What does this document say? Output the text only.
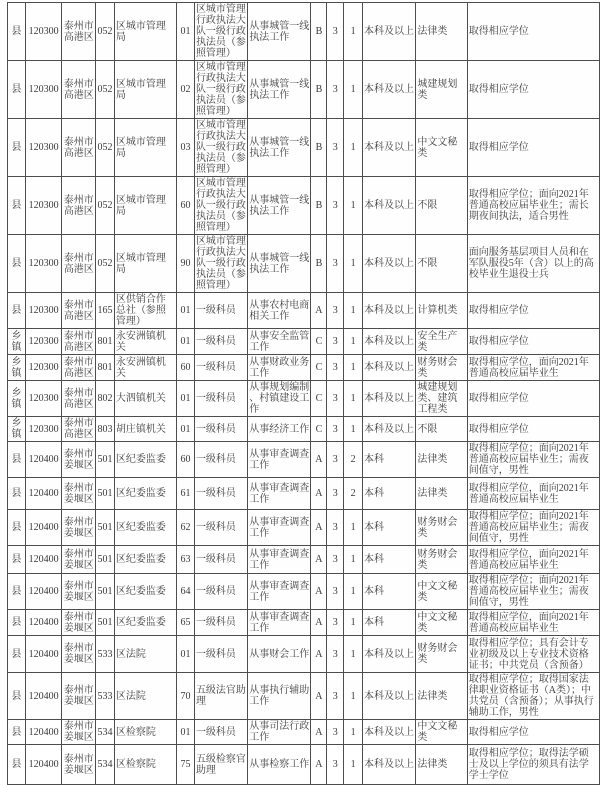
县	120300	泰州市高港区	052	区城市管理局	01	区城市管理行政执法大队一级行政执法员（参照管理）	从事城管一线执法工作	B	3	1	本科及以上	法律类	取得相应学位
县	120300	泰州市高港区	052	区城市管理局	02	区城市管理行政执法大队一级行政执法员（参照管理）	从事城管一线执法工作	B	3	1	本科及以上	城建规划类	取得相应学位
县	120300	泰州市高港区	052	区城市管理局	03	区城市管理行政执法大队一级行政执法员（参照管理）	从事城管一线执法工作	B	3	1	本科及以上	中文文秘类	取得相应学位
县	120300	泰州市高港区	052	区城市管理局	60	区城市管理行政执法大队一级行政执法员（参照管理）	从事城管一线执法工作	B	3	1	本科及以上	不限	取得相应学位；面向2021年普通高校应届毕业生；需长期夜间执法，适合男性
县	120300	泰州市高港区	052	区城市管理局	90	区城市管理行政执法大队一级行政执法员（参照管理）	从事城管一线执法工作	B	3	1	本科及以上	不限	面向服务基层项目人员和在军队服役5年（含）以上的高校毕业生退役士兵
县	120300	泰州市高港区	165	区供销合作总社（参照管理）	01	一级科员	从事农村电商相关工作	A	3	1	本科及以上	计算机类	取得相应学位
乡镇	120300	泰州市高港区	801	永安洲镇机关	01	一级科员	从事安全监管工作	C	3	1	本科及以上	安全生产类	取得相应学位
乡镇	120300	泰州市高港区	801	永安洲镇机关	60	一级科员	从事财政业务工作	C	3	1	本科及以上	财务财会类	取得相应学位，面向2021年普通高校应届毕业生
乡镇	120300	泰州市高港区	802	大泗镇机关	01	一级科员	从事规划编制、村镇建设工作	C	3	1	本科及以上	城建规划类、建筑工程类	取得相应学位
乡镇	120300	泰州市高港区	803	胡庄镇机关	01	一级科员	从事经济工作	C	3	1	本科及以上	不限	取得相应学位
县	120400	泰州市姜堰区	501	区纪委监委	60	一级科员	从事审查调查工作	A	3	2	本科	法律类	取得相应学位；面向2021年普通高校应届毕业生；需夜间值守，男性
县	120400	泰州市姜堰区	501	区纪委监委	61	一级科员	从事审查调查工作	A	3	2	本科	法律类	取得相应学位，面向2021年普通高校应届毕业生
县	120400	泰州市姜堰区	501	区纪委监委	62	一级科员	从事审查调查工作	A	3	1	本科	财务财会类	取得相应学位；面向2021年普通高校应届毕业生；需夜间值守，男性
县	120400	泰州市姜堰区	501	区纪委监委	63	一级科员	从事审查调查工作	A	3	1	本科	财务财会类	取得相应学位，面向2021年普通高校应届毕业生
县	120400	泰州市姜堰区	501	区纪委监委	64	一级科员	从事审查调查工作	A	3	1	本科	中文文秘类	取得相应学位；面向2021年普通高校应届毕业生；需夜间值守，男性
县	120400	泰州市姜堰区	501	区纪委监委	65	一级科员	从事审查调查工作	A	3	1	本科	中文文秘类	取得相应学位，面向2021年普通高校应届毕业生
县	120400	泰州市姜堰区	533	区法院	01	一级科员	从事财会工作	A	3	1	本科及以上	财务财会类	取得相应学位；具有会计专业初级及以上专业技术资格证书；中共党员（含预备）
县	120400	泰州市姜堰区	533	区法院	70	五级法官助理	从事执行辅助工作	A	3	1	本科及以上	法律类	取得相应学位；取得国家法律职业资格证书（A类）；中共党员（含预备）；从事执行辅助工作，男性
县	120400	泰州市姜堰区	534	区检察院	01	一级科员	从事司法行政工作	A	3	1	本科及以上	中文文秘类	取得相应学位
县	120400	泰州市姜堰区	534	区检察院	75	五级检察官助理	从事检察工作	A	3	1	本科及以上	法律类	取得相应学位；取得法学硕士及以上学位的须具有法学学士学位
